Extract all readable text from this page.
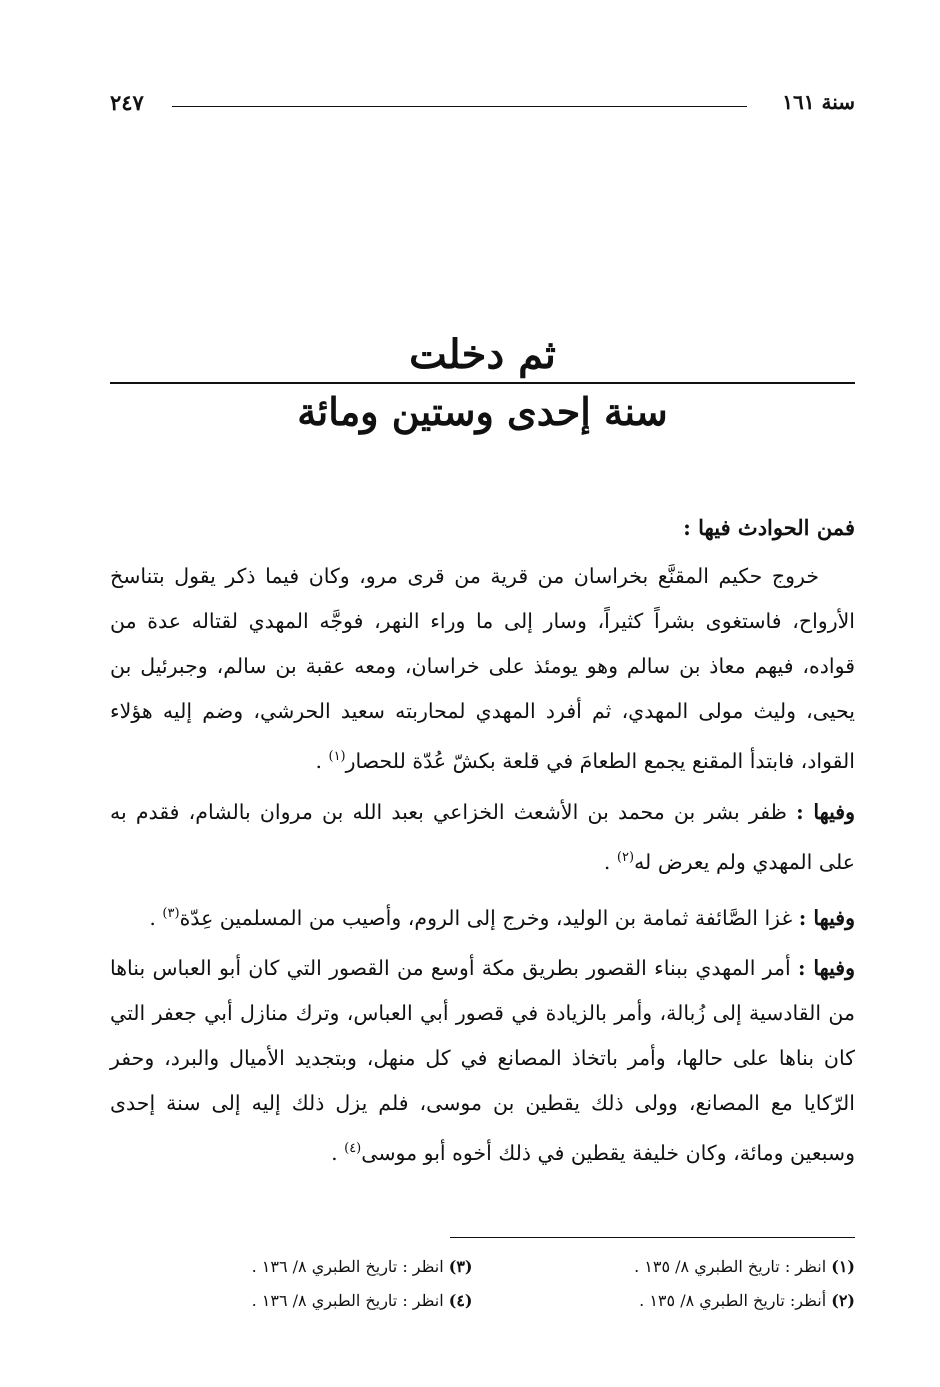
سنة ١٦١
٢٤٧
ثم دخلت
سنة إحدى وستين ومائة
فمن الحوادث فيها :

خروج حكيم المقنَّع بخراسان من قرية من قرى مرو، وكان فيما ذكر يقول بتناسخ الأرواح، فاستغوى بشراً كثيراً، وسار إلى ما وراء النهر، فوجَّه المهدي لقتاله عدة من قواده، فيهم معاذ بن سالم وهو يومئذ على خراسان، ومعه عقبة بن سالم، وجبرئيل بن يحيى، وليث مولى المهدي، ثم أفرد المهدي لمحاربته سعيد الحرشي، وضم إليه هؤلاء القواد، فابتدأ المقنع يجمع الطعامَ في قلعة بكشّ عُدّة للحصار$^{(١)}$ .

وفيها : ظفر بشر بن محمد بن الأشعث الخزاعي بعبد الله بن مروان بالشام، فقدم به على المهدي ولم يعرض له$^{(٢)}$ .

وفيها : غزا الصَّائفة ثمامة بن الوليد، وخرج إلى الروم، وأصيب من المسلمين عِدّة$^{(٣)}$ .

وفيها : أمر المهدي ببناء القصور بطريق مكة أوسع من القصور التي كان أبو العباس بناها من القادسية إلى زُبالة، وأمر بالزيادة في قصور أبي العباس، وترك منازل أبي جعفر التي كان بناها على حالها، وأمر باتخاذ المصانع في كل منهل، وبتجديد الأميال والبرد، وحفر الرّكايا مع المصانع، وولى ذلك يقطين بن موسى، فلم يزل ذلك إليه إلى سنة إحدى وسبعين ومائة، وكان خليفة يقطين في ذلك أخوه أبو موسى$^{(٤)}$ .

(١) انظر : تاريخ الطبري ٨/ ١٣٥ .
(٣) انظر : تاريخ الطبري ٨/ ١٣٦ .
(٢) أنظر: تاريخ الطبري ٨/ ١٣٥ .
(٤) انظر : تاريخ الطبري ٨/ ١٣٦ .
